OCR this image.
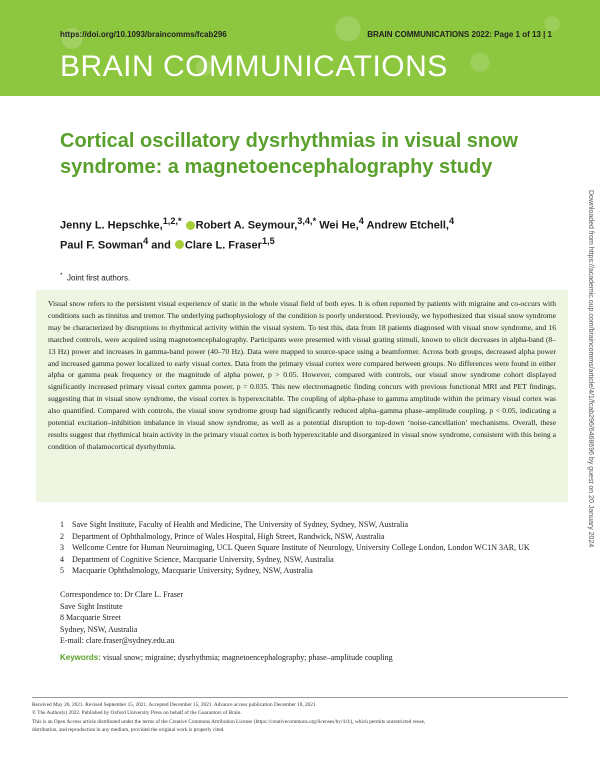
https://doi.org/10.1093/braincomms/fcab296	BRAIN COMMUNICATIONS 2022: Page 1 of 13 | 1
BRAIN COMMUNICATIONS
Cortical oscillatory dysrhythmias in visual snow syndrome: a magnetoencephalography study
Jenny L. Hepschke,$^{1,2,*}$ Robert A. Seymour,$^{3,4,*}$ Wei He,$^4$ Andrew Etchell,$^4$
Paul F. Sowman$^4$ and Clare L. Fraser$^{1,5}$
* Joint first authors.

Visual snow refers to the persistent visual experience of static in the whole visual field of both eyes. It is often reported by patients with migraine and co-occurs with conditions such as tinnitus and tremor. The underlying pathophysiology of the condition is poorly understood. Previously, we hypothesized that visual snow syndrome may be characterized by disruptions to rhythmical activity within the visual system. To test this, data from 18 patients diagnosed with visual snow syndrome, and 16 matched controls, were acquired using magnetoencephalography. Participants were presented with visual grating stimuli, known to elicit decreases in alpha-band (8–13 Hz) power and increases in gamma-band power (40–70 Hz). Data were mapped to source-space using a beamformer. Across both groups, decreased alpha power and increased gamma power localized to early visual cortex. Data from the primary visual cortex were compared between groups. No differences were found in either alpha or gamma peak frequency or the magnitude of alpha power, p > 0.05. However, compared with controls, our visual snow syndrome cohort displayed significantly increased primary visual cortex gamma power, p = 0.035. This new electromagnetic finding concurs with previous functional MRI and PET findings, suggesting that in visual snow syndrome, the visual cortex is hyperexcitable. The coupling of alpha-phase to gamma amplitude within the primary visual cortex was also quantified. Compared with controls, the visual snow syndrome group had significantly reduced alpha–gamma phase–amplitude coupling, p < 0.05, indicating a potential excitation–inhibition imbalance in visual snow syndrome, as well as a potential disruption to top-down ‘noise-cancellation’ mechanisms. Overall, these results suggest that rhythmical brain activity in the primary visual cortex is both hyperexcitable and disorganized in visual snow syndrome, consistent with this being a condition of thalamocortical dysrhythmia.

1	Save Sight Institute, Faculty of Health and Medicine, The University of Sydney, Sydney, NSW, Australia
2	Department of Ophthalmology, Prince of Wales Hospital, High Street, Randwick, NSW, Australia
3	Wellcome Centre for Human Neuroimaging, UCL Queen Square Institute of Neurology, University College London, London WC1N 3AR, UK
4	Department of Cognitive Science, Macquarie University, Sydney, NSW, Australia
5	Macquarie Ophthalmology, Macquarie University, Sydney, NSW, Australia
Correspondence to: Dr Clare L. Fraser
Save Sight Institute
8 Macquarie Street
Sydney, NSW, Australia
E-mail: clare.fraser@sydney.edu.au
Keywords: visual snow; migraine; dysrhythmia; magnetoencephalography; phase–amplitude coupling
Received May 26, 2021. Revised September 15, 2021. Accepted December 15, 2021. Advance access publication December 18, 2021
© The Author(s) 2022. Published by Oxford University Press on behalf of the Guarantors of Brain.
This is an Open Access article distributed under the terms of the Creative Commons Attribution License (https://creativecommons.org/licenses/by/4.0/), which permits unrestricted reuse,
distribution, and reproduction in any medium, provided the original work is properly cited.
Downloaded from https://academic.oup.com/braincomms/article/4/1/fcab296/6468696 by guest on 20 January 2024
